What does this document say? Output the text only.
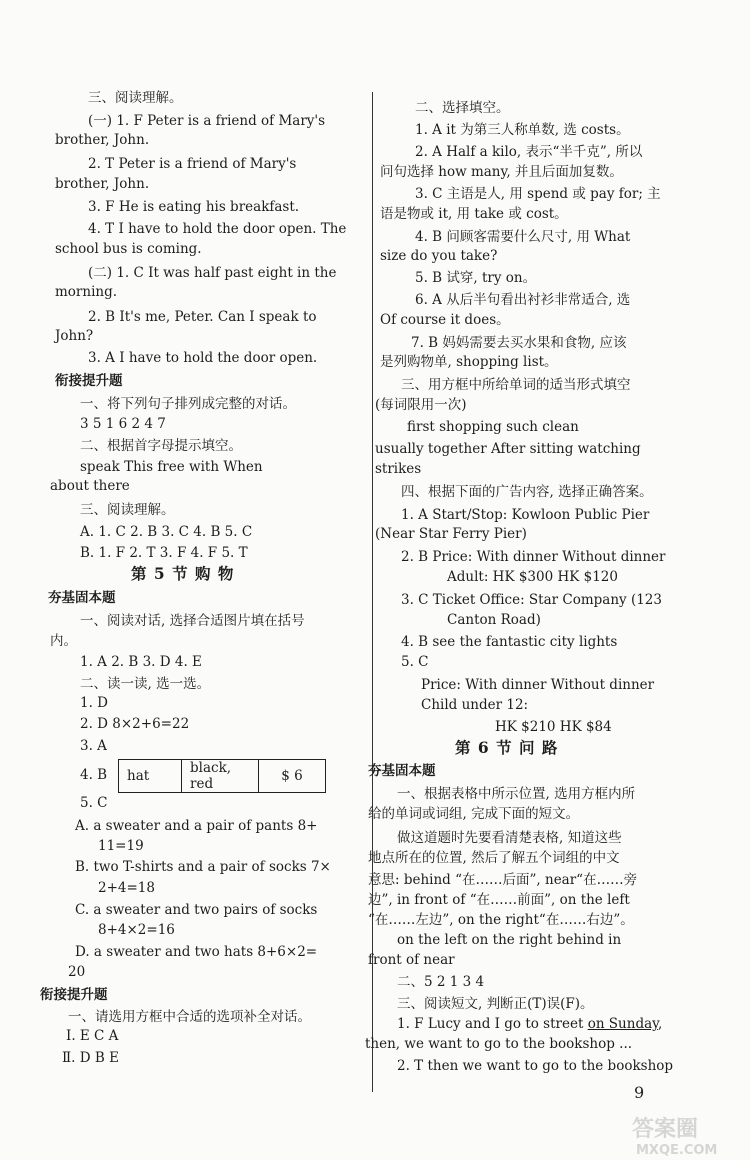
三、阅读理解。
(一) 1. F Peter is a friend of Mary's
brother, John.
2. T Peter is a friend of Mary's
brother, John.
3. F He is eating his breakfast.
4. T I have to hold the door open. The
school bus is coming.
(二) 1. C It was half past eight in the
morning.
2. B It's me, Peter. Can I speak to
John?
3. A I have to hold the door open.
衔接提升题
一、将下列句子排列成完整的对话。
3 5 1 6 2 4 7
二、根据首字母提示填空。
speak This free with When
about there
三、阅读理解。
A. 1. C 2. B 3. C 4. B 5. C
B. 1. F 2. T 3. F 4. F 5. T
第 5 节 购 物
夯基固本题
一、阅读对话, 选择合适图片填在括号
内。
1. A 2. B 3. D 4. E
二、读一读, 选一选。
1. D
2. D 8×2+6=22
3. A
4. B hat	black, red	$ 6
5. C
A. a sweater and a pair of pants 8+
11=19
B. two T-shirts and a pair of socks 7×
2+4=18
C. a sweater and two pairs of socks
8+4×2=16
D. a sweater and two hats 8+6×2=
20
衔接提升题
一、请选用方框中合适的选项补全对话。
Ⅰ. E C A
Ⅱ. D B E
二、选择填空。
1. A it 为第三人称单数, 选 costs。
2. A Half a kilo, 表示“半千克”, 所以
问句选择 how many, 并且后面加复数。
3. C 主语是人, 用 spend 或 pay for; 主
语是物或 it, 用 take 或 cost。
4. B 问顾客需要什么尺寸, 用 What
size do you take?
5. B 试穿, try on。
6. A 从后半句看出衬衫非常适合, 选
Of course it does。
7. B 妈妈需要去买水果和食物, 应该
是列购物单, shopping list。
三、用方框中所给单词的适当形式填空
(每词限用一次)
first shopping such clean
usually together After sitting watching
strikes
四、根据下面的广告内容, 选择正确答案。
1. A Start/Stop: Kowloon Public Pier
(Near Star Ferry Pier)
2. B Price: With dinner Without dinner
Adult: HK $300 HK $120
3. C Ticket Office: Star Company (123
Canton Road)
4. B see the fantastic city lights
5. C
Price: With dinner Without dinner
Child under 12:
HK $210 HK $84
第 6 节 问 路
夯基固本题
一、根据表格中所示位置, 选用方框内所
给的单词或词组, 完成下面的短文。
做这道题时先要看清楚表格, 知道这些
地点所在的位置, 然后了解五个词组的中文
意思: behind “在……后面”, near“在……旁
边”, in front of “在……前面”, on the left
“在……左边”, on the right“在……右边”。
on the left on the right behind in
front of near
二、5 2 1 3 4
三、阅读短文, 判断正(T)误(F)。
1. F Lucy and I go to street on Sunday,
then, we want to go to the bookshop ...
2. T then we want to go to the bookshop
9
答案圈
MXQE.COM
